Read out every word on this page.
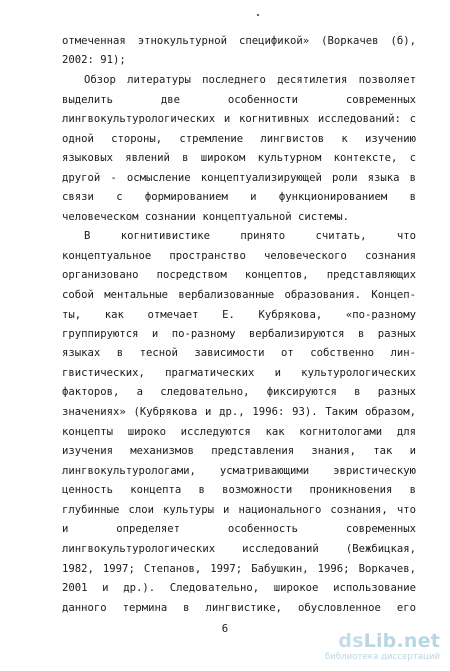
отмеченная этнокультурной спецификой» (Воркачев (б),
2002: 91);
Обзор литературы последнего десятилетия позволяет
выделить две особенности современных
лингвокультурологических и когнитивных исследований: с
одной стороны, стремление лингвистов к изучению
языковых явлений в широком культурном контексте, с
другой - осмысление концептуализирующей роли языка в
связи с формированием и функционированием в
человеческом сознании концептуальной системы.
В когнитивистике принято считать, что
концептуальное пространство человеческого сознания
организовано посредством концептов, представляющих
собой ментальные вербализованные образования. Концеп-
ты, как отмечает Е. Кубрякова, «по-разному
группируются и по-разному вербализируются в разных
языках в тесной зависимости от собственно лин-
гвистических, прагматических и культурологических
факторов, а следовательно, фиксируются в разных
значениях» (Кубрякова и др., 1996: 93). Таким образом,
концепты широко исследуются как когнитологами для
изучения механизмов представления знания, так и
лингвокультурологами, усматривающими эвристическую
ценность концепта в возможности проникновения в
глубинные слои культуры и национального сознания, что
и определяет особенность современных
лингвокультурологических исследований (Вежбицкая,
1982, 1997; Степанов, 1997; Бабушкин, 1996; Воркачев,
2001 и др.). Следовательно, широкое использование
данного термина в лингвистике, обусловленное его
6
dsLib.net
библиотека диссертаций
